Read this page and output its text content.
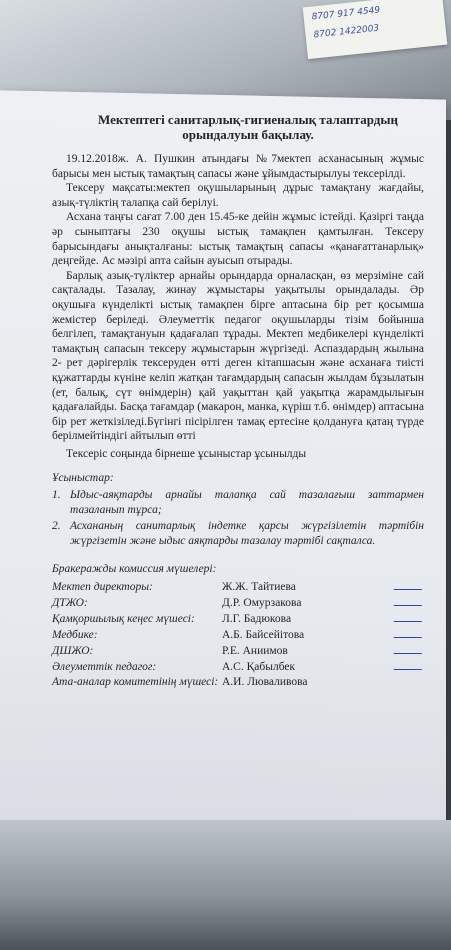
8707 917 4549
8702 1422003
Мектептегі санитарлық-гигиеналық талаптардың орындалуын бақылау.

19.12.2018ж. А. Пушкин атындағы №7мектеп асханасының жұмыс барысы мен ыстық тамақтың сапасы және ұйымдастырылуы тексерілді.

Тексеру мақсаты:мектеп оқушыларының дұрыс тамақтану жағдайы, азық-түліктің талапқа сай берілуі.

Асхана таңғы сағат 7.00 ден 15.45-ке дейін жұмыс істейді. Қазіргі таңда әр сыныптағы 230 оқушы ыстық тамақпен қамтылған. Тексеру барысындағы анықталғаны: ыстық тамақтың сапасы «қанағаттанарлық» деңгейде. Ас мәзірі апта сайын ауысып отырады.

Барлық азық-түліктер арнайы орындарда орналасқан, өз мерзіміне сай сақталады. Тазалау, жинау жұмыстары уақытылы орындалады. Әр оқушыға күнделікті ыстық тамақпен бірге аптасына бір рет қосымша жемістер беріледі. Әлеуметтік педагог оқушыларды тізім бойынша белгілеп, тамақтануын қадағалап тұрады. Мектеп медбикелері күнделікті тамақтың сапасын тексеру жұмыстарын жүргізеді. Аспаздардың жылына 2- рет дәрігерлік тексеруден өтті деген кітапшасын және асханаға тиісті құжаттарды күніне келіп жатқан тағамдардың сапасын жылдам бұзылатын (ет, балық, сүт өнімдерін) қай уақыттан қай уақытқа жарамдылығын қадағалайды. Басқа тағамдар (макарон, манка, күріш т.б. өнімдер) аптасына бір рет жеткізіледі.Бүгінгі пісірілген тамақ ертесіне қолдануға қатаң түрде берілмейтіндігі айтылып өтті

Тексеріс соңында бірнеше ұсыныстар ұсынылды

Ұсыныстар:
1. Ыдыс-аяқтарды арнайы талапқа сай тазалағыш заттармен тазаланып тұрса;
2. Асхананың санитарлық індетке қарсы жүргізілетін тәртібін жүргізетін және ыдыс аяқтарды тазалау тәртібі сақталса.
Бракеражды комиссия мүшелері:
Мектеп директоры:	Ж.Ж. Тайтиева
ДТЖО:	Д.Р. Омурзакова
Қамқоршылық кеңес мүшесі:	Л.Г. Бадюкова
Медбике:	А.Б. Байсейітова
ДШЖО:	Р.Е. Аниимов
Әлеуметтік педагог:	А.С. Қабылбек
Ата-аналар комитетінің мүшесі: А.И. Люваливова
